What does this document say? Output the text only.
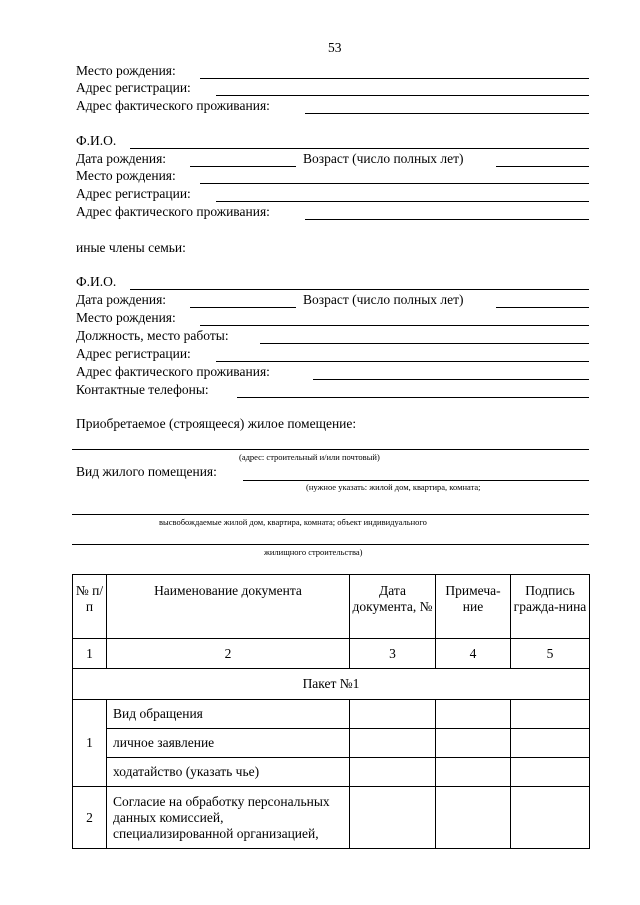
53
Место рождения:
Адрес регистрации:
Адрес фактического проживания:
Ф.И.О.
Дата рождения:	Возраст (число полных лет)
Место рождения:
Адрес регистрации:
Адрес фактического проживания:
иные члены семьи:
Ф.И.О.
Дата рождения:	Возраст (число полных лет)
Место рождения:
Должность, место работы:
Адрес регистрации:
Адрес фактического проживания:
Контактные телефоны:
Приобретаемое (строящееся) жилое помещение:
(адрес: строительный и/или почтовый)
Вид жилого помещения:
(нужное указать: жилой дом, квартира, комната;
высвобождаемые жилой дом, квартира, комната; объект индивидуального
жилищного строительства)
№ п/п	Наименование документа	Дата документа, №	Примеча-ние	Подпись гражда-нина
1	2	3	4	5
Пакет №1				
1	Вид обращения			
	личное заявление			
	ходатайство (указать чье)			
2	Согласие на обработку персональных данных комиссией, специализированной организацией,			
